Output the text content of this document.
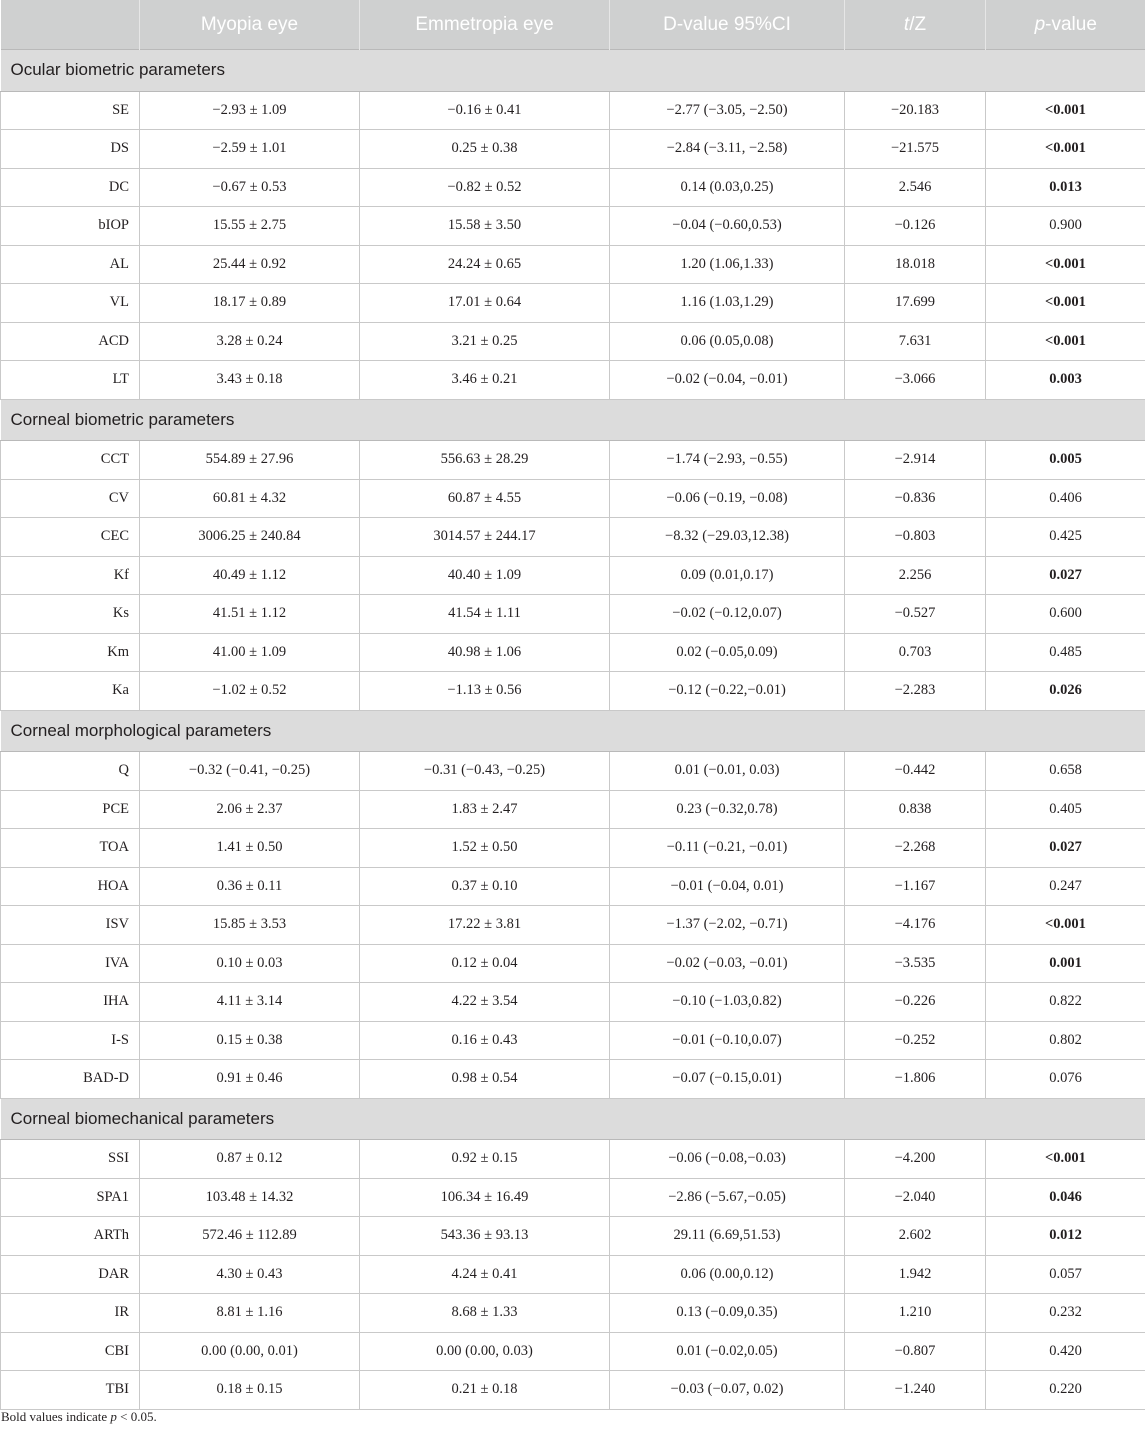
	Myopia eye	Emmetropia eye	D-value 95%CI	t/Z	p-value
Ocular biometric parameters					
SE	−2.93 ± 1.09	−0.16 ± 0.41	−2.77 (−3.05, −2.50)	−20.183	<0.001
DS	−2.59 ± 1.01	0.25 ± 0.38	−2.84 (−3.11, −2.58)	−21.575	<0.001
DC	−0.67 ± 0.53	−0.82 ± 0.52	0.14 (0.03,0.25)	2.546	0.013
bIOP	15.55 ± 2.75	15.58 ± 3.50	−0.04 (−0.60,0.53)	−0.126	0.900
AL	25.44 ± 0.92	24.24 ± 0.65	1.20 (1.06,1.33)	18.018	<0.001
VL	18.17 ± 0.89	17.01 ± 0.64	1.16 (1.03,1.29)	17.699	<0.001
ACD	3.28 ± 0.24	3.21 ± 0.25	0.06 (0.05,0.08)	7.631	<0.001
LT	3.43 ± 0.18	3.46 ± 0.21	−0.02 (−0.04, −0.01)	−3.066	0.003
Corneal biometric parameters					
CCT	554.89 ± 27.96	556.63 ± 28.29	−1.74 (−2.93, −0.55)	−2.914	0.005
CV	60.81 ± 4.32	60.87 ± 4.55	−0.06 (−0.19, −0.08)	−0.836	0.406
CEC	3006.25 ± 240.84	3014.57 ± 244.17	−8.32 (−29.03,12.38)	−0.803	0.425
Kf	40.49 ± 1.12	40.40 ± 1.09	0.09 (0.01,0.17)	2.256	0.027
Ks	41.51 ± 1.12	41.54 ± 1.11	−0.02 (−0.12,0.07)	−0.527	0.600
Km	41.00 ± 1.09	40.98 ± 1.06	0.02 (−0.05,0.09)	0.703	0.485
Ka	−1.02 ± 0.52	−1.13 ± 0.56	−0.12 (−0.22,−0.01)	−2.283	0.026
Corneal morphological parameters					
Q	−0.32 (−0.41, −0.25)	−0.31 (−0.43, −0.25)	0.01 (−0.01, 0.03)	−0.442	0.658
PCE	2.06 ± 2.37	1.83 ± 2.47	0.23 (−0.32,0.78)	0.838	0.405
TOA	1.41 ± 0.50	1.52 ± 0.50	−0.11 (−0.21, −0.01)	−2.268	0.027
HOA	0.36 ± 0.11	0.37 ± 0.10	−0.01 (−0.04, 0.01)	−1.167	0.247
ISV	15.85 ± 3.53	17.22 ± 3.81	−1.37 (−2.02, −0.71)	−4.176	<0.001
IVA	0.10 ± 0.03	0.12 ± 0.04	−0.02 (−0.03, −0.01)	−3.535	0.001
IHA	4.11 ± 3.14	4.22 ± 3.54	−0.10 (−1.03,0.82)	−0.226	0.822
I-S	0.15 ± 0.38	0.16 ± 0.43	−0.01 (−0.10,0.07)	−0.252	0.802
BAD-D	0.91 ± 0.46	0.98 ± 0.54	−0.07 (−0.15,0.01)	−1.806	0.076
Corneal biomechanical parameters					
SSI	0.87 ± 0.12	0.92 ± 0.15	−0.06 (−0.08,−0.03)	−4.200	<0.001
SPA1	103.48 ± 14.32	106.34 ± 16.49	−2.86 (−5.67,−0.05)	−2.040	0.046
ARTh	572.46 ± 112.89	543.36 ± 93.13	29.11 (6.69,51.53)	2.602	0.012
DAR	4.30 ± 0.43	4.24 ± 0.41	0.06 (0.00,0.12)	1.942	0.057
IR	8.81 ± 1.16	8.68 ± 1.33	0.13 (−0.09,0.35)	1.210	0.232
CBI	0.00 (0.00, 0.01)	0.00 (0.00, 0.03)	0.01 (−0.02,0.05)	−0.807	0.420
TBI	0.18 ± 0.15	0.21 ± 0.18	−0.03 (−0.07, 0.02)	−1.240	0.220
Bold values indicate p < 0.05.
